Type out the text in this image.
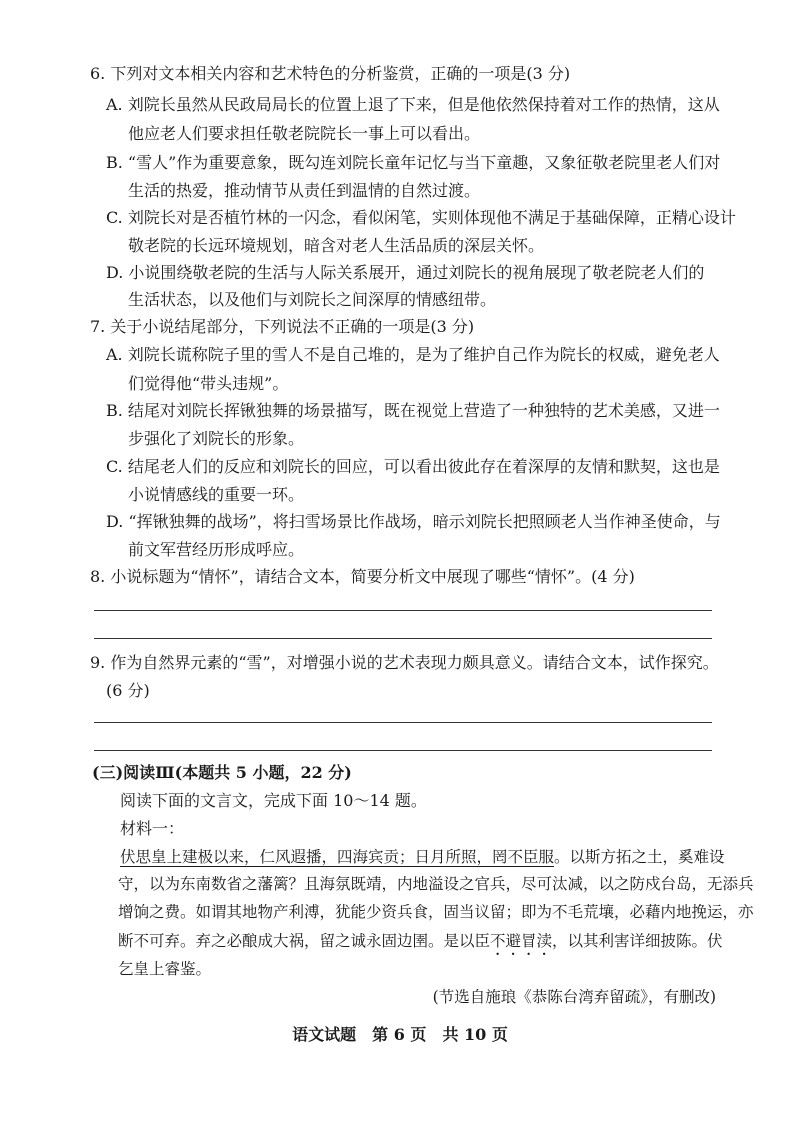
6. 下列对文本相关内容和艺术特色的分析鉴赏，正确的一项是(3 分)
A. 刘院长虽然从民政局局长的位置上退了下来，但是他依然保持着对工作的热情，这从
他应老人们要求担任敬老院院长一事上可以看出。
B. “雪人”作为重要意象，既勾连刘院长童年记忆与当下童趣，又象征敬老院里老人们对
生活的热爱，推动情节从责任到温情的自然过渡。
C. 刘院长对是否植竹林的一闪念，看似闲笔，实则体现他不满足于基础保障，正精心设计
敬老院的长远环境规划，暗含对老人生活品质的深层关怀。
D. 小说围绕敬老院的生活与人际关系展开，通过刘院长的视角展现了敬老院老人们的
生活状态，以及他们与刘院长之间深厚的情感纽带。
7. 关于小说结尾部分，下列说法不正确的一项是(3 分)
A. 刘院长谎称院子里的雪人不是自己堆的，是为了维护自己作为院长的权威，避免老人
们觉得他“带头违规”。
B. 结尾对刘院长挥锹独舞的场景描写，既在视觉上营造了一种独特的艺术美感，又进一
步强化了刘院长的形象。
C. 结尾老人们的反应和刘院长的回应，可以看出彼此存在着深厚的友情和默契，这也是
小说情感线的重要一环。
D. “挥锹独舞的战场”，将扫雪场景比作战场，暗示刘院长把照顾老人当作神圣使命，与
前文军营经历形成呼应。
8. 小说标题为“情怀”，请结合文本，简要分析文中展现了哪些“情怀”。(4 分)
9. 作为自然界元素的“雪”，对增强小说的艺术表现力颇具意义。请结合文本，试作探究。
(6 分)
(三)阅读Ⅲ(本题共 5 小题，22 分)
阅读下面的文言文，完成下面 10～14 题。
材料一：
伏思皇上建极以来，仁风遐播，四海宾贡；日月所照，罔不臣服。以斯方拓之土，奚难设
守，以为东南数省之藩篱？且海氛既靖，内地溢设之官兵，尽可汰减，以之防戍台岛，无添兵
增饷之费。如谓其地物产利溥，犹能少资兵食，固当议留；即为不毛荒壤，必藉内地挽运，亦
断不可弃。弃之必酿成大祸，留之诚永固边圉。是以臣不避冒渎，以其利害详细披陈。伏
乞皇上睿鉴。
(节选自施琅《恭陈台湾弃留疏》，有删改)
语文试题 第 6 页 共 10 页
